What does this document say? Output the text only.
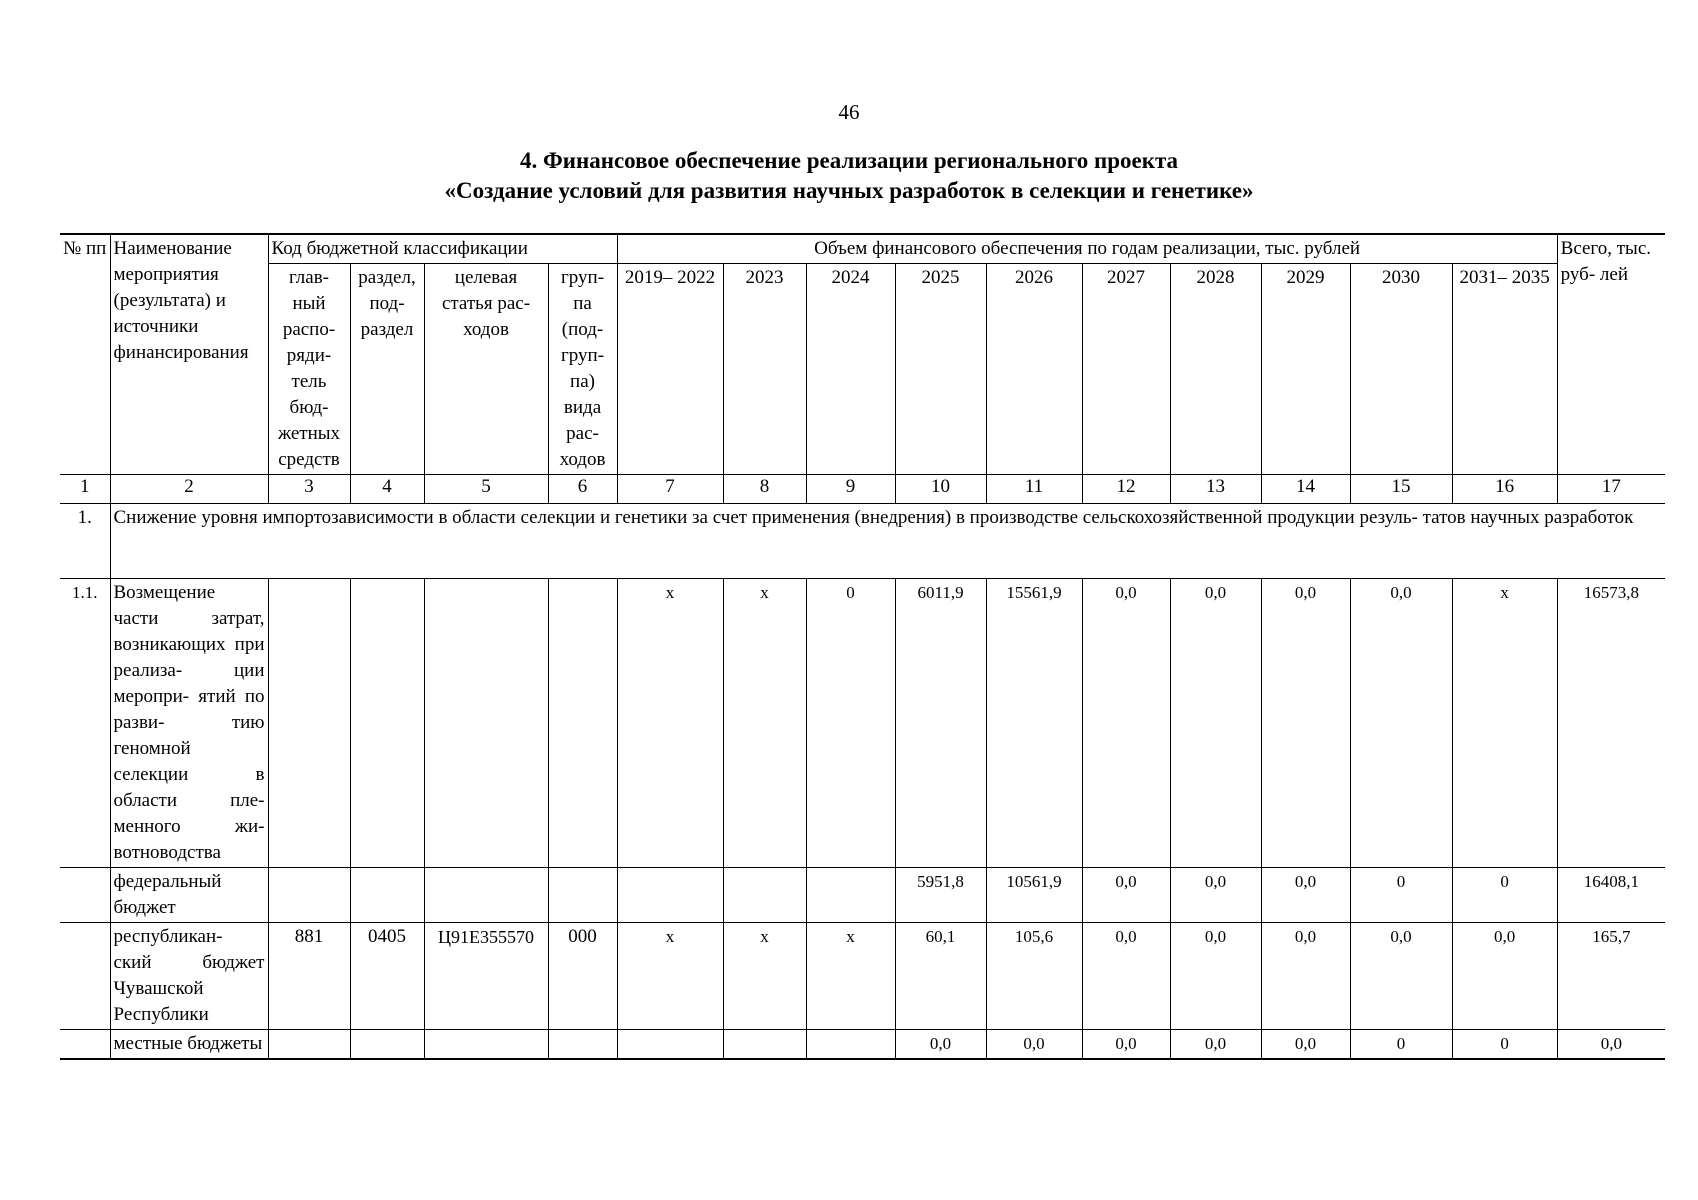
46
4. Финансовое обеспечение реализации регионального проекта
«Создание условий для развития научных разработок в селекции и генетике»
№ пп	Наименование мероприятия (результата) и источники финансирования	Код бюджетной классификации				Объем финансового обеспечения по годам реализации, тыс. рублей										Всего, тыс. руб- лей
		глав- ный распо- ряди- тель бюд- жетных средств	раздел, под- раздел	целевая статья рас- ходов	груп- па (под- груп- па) вида рас- ходов	2019– 2022	2023	2024	2025	2026	2027	2028	2029	2030	2031– 2035	
1	2	3	4	5	6	7	8	9	10	11	12	13	14	15	16	17
1.	Снижение уровня импортозависимости в области селекции и генетики за счет применения (внедрения) в производстве сельскохозяйственной продукции резуль- татов научных разработок															
1.1.	Возмещение части затрат, возникающих при реализа- ции меропри- ятий по разви- тию геномной селекции в области пле- менного жи- вотноводства					х	х	0	6011,9	15561,9	0,0	0,0	0,0	0,0	х	16573,8
	федеральный бюджет								5951,8	10561,9	0,0	0,0	0,0	0	0	16408,1
	республикан- ский бюджет Чувашской Республики	881	0405	Ц91Е355570	000	х	х	х	60,1	105,6	0,0	0,0	0,0	0,0	0,0	165,7
	местные бюджеты								0,0	0,0	0,0	0,0	0,0	0	0	0,0
